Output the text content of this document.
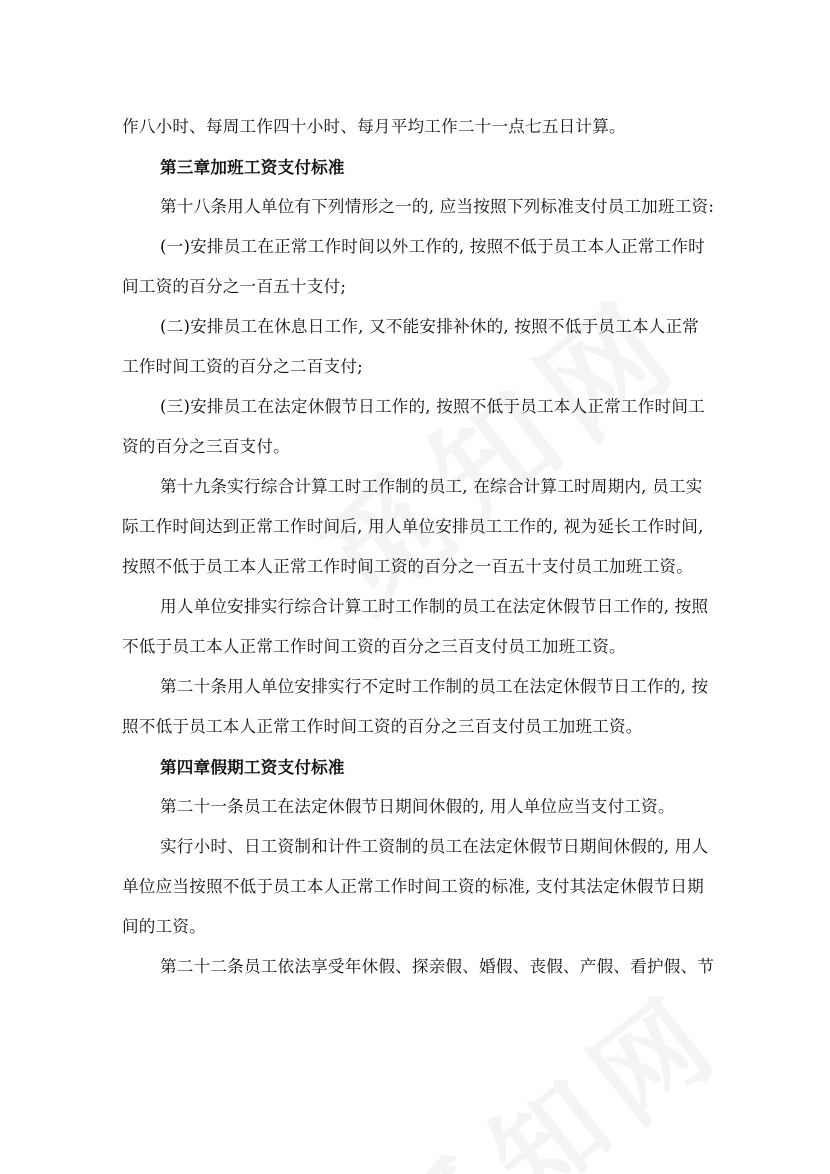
作八小时、每周工作四十小时、每月平均工作二十一点七五日计算。
第三章加班工资支付标准
第十八条用人单位有下列情形之一的, 应当按照下列标准支付员工加班工资:
(一)安排员工在正常工作时间以外工作的, 按照不低于员工本人正常工作时
间工资的百分之一百五十支付;
(二)安排员工在休息日工作, 又不能安排补休的, 按照不低于员工本人正常
工作时间工资的百分之二百支付;
(三)安排员工在法定休假节日工作的, 按照不低于员工本人正常工作时间工
资的百分之三百支付。
第十九条实行综合计算工时工作制的员工, 在综合计算工时周期内, 员工实
际工作时间达到正常工作时间后, 用人单位安排员工工作的, 视为延长工作时间,
按照不低于员工本人正常工作时间工资的百分之一百五十支付员工加班工资。
用人单位安排实行综合计算工时工作制的员工在法定休假节日工作的, 按照
不低于员工本人正常工作时间工资的百分之三百支付员工加班工资。
第二十条用人单位安排实行不定时工作制的员工在法定休假节日工作的, 按
照不低于员工本人正常工作时间工资的百分之三百支付员工加班工资。
第四章假期工资支付标准
第二十一条员工在法定休假节日期间休假的, 用人单位应当支付工资。
实行小时、日工资制和计件工资制的员工在法定休假节日期间休假的, 用人
单位应当按照不低于员工本人正常工作时间工资的标准, 支付其法定休假节日期
间的工资。
第二十二条员工依法享受年休假、探亲假、婚假、丧假、产假、看护假、节
